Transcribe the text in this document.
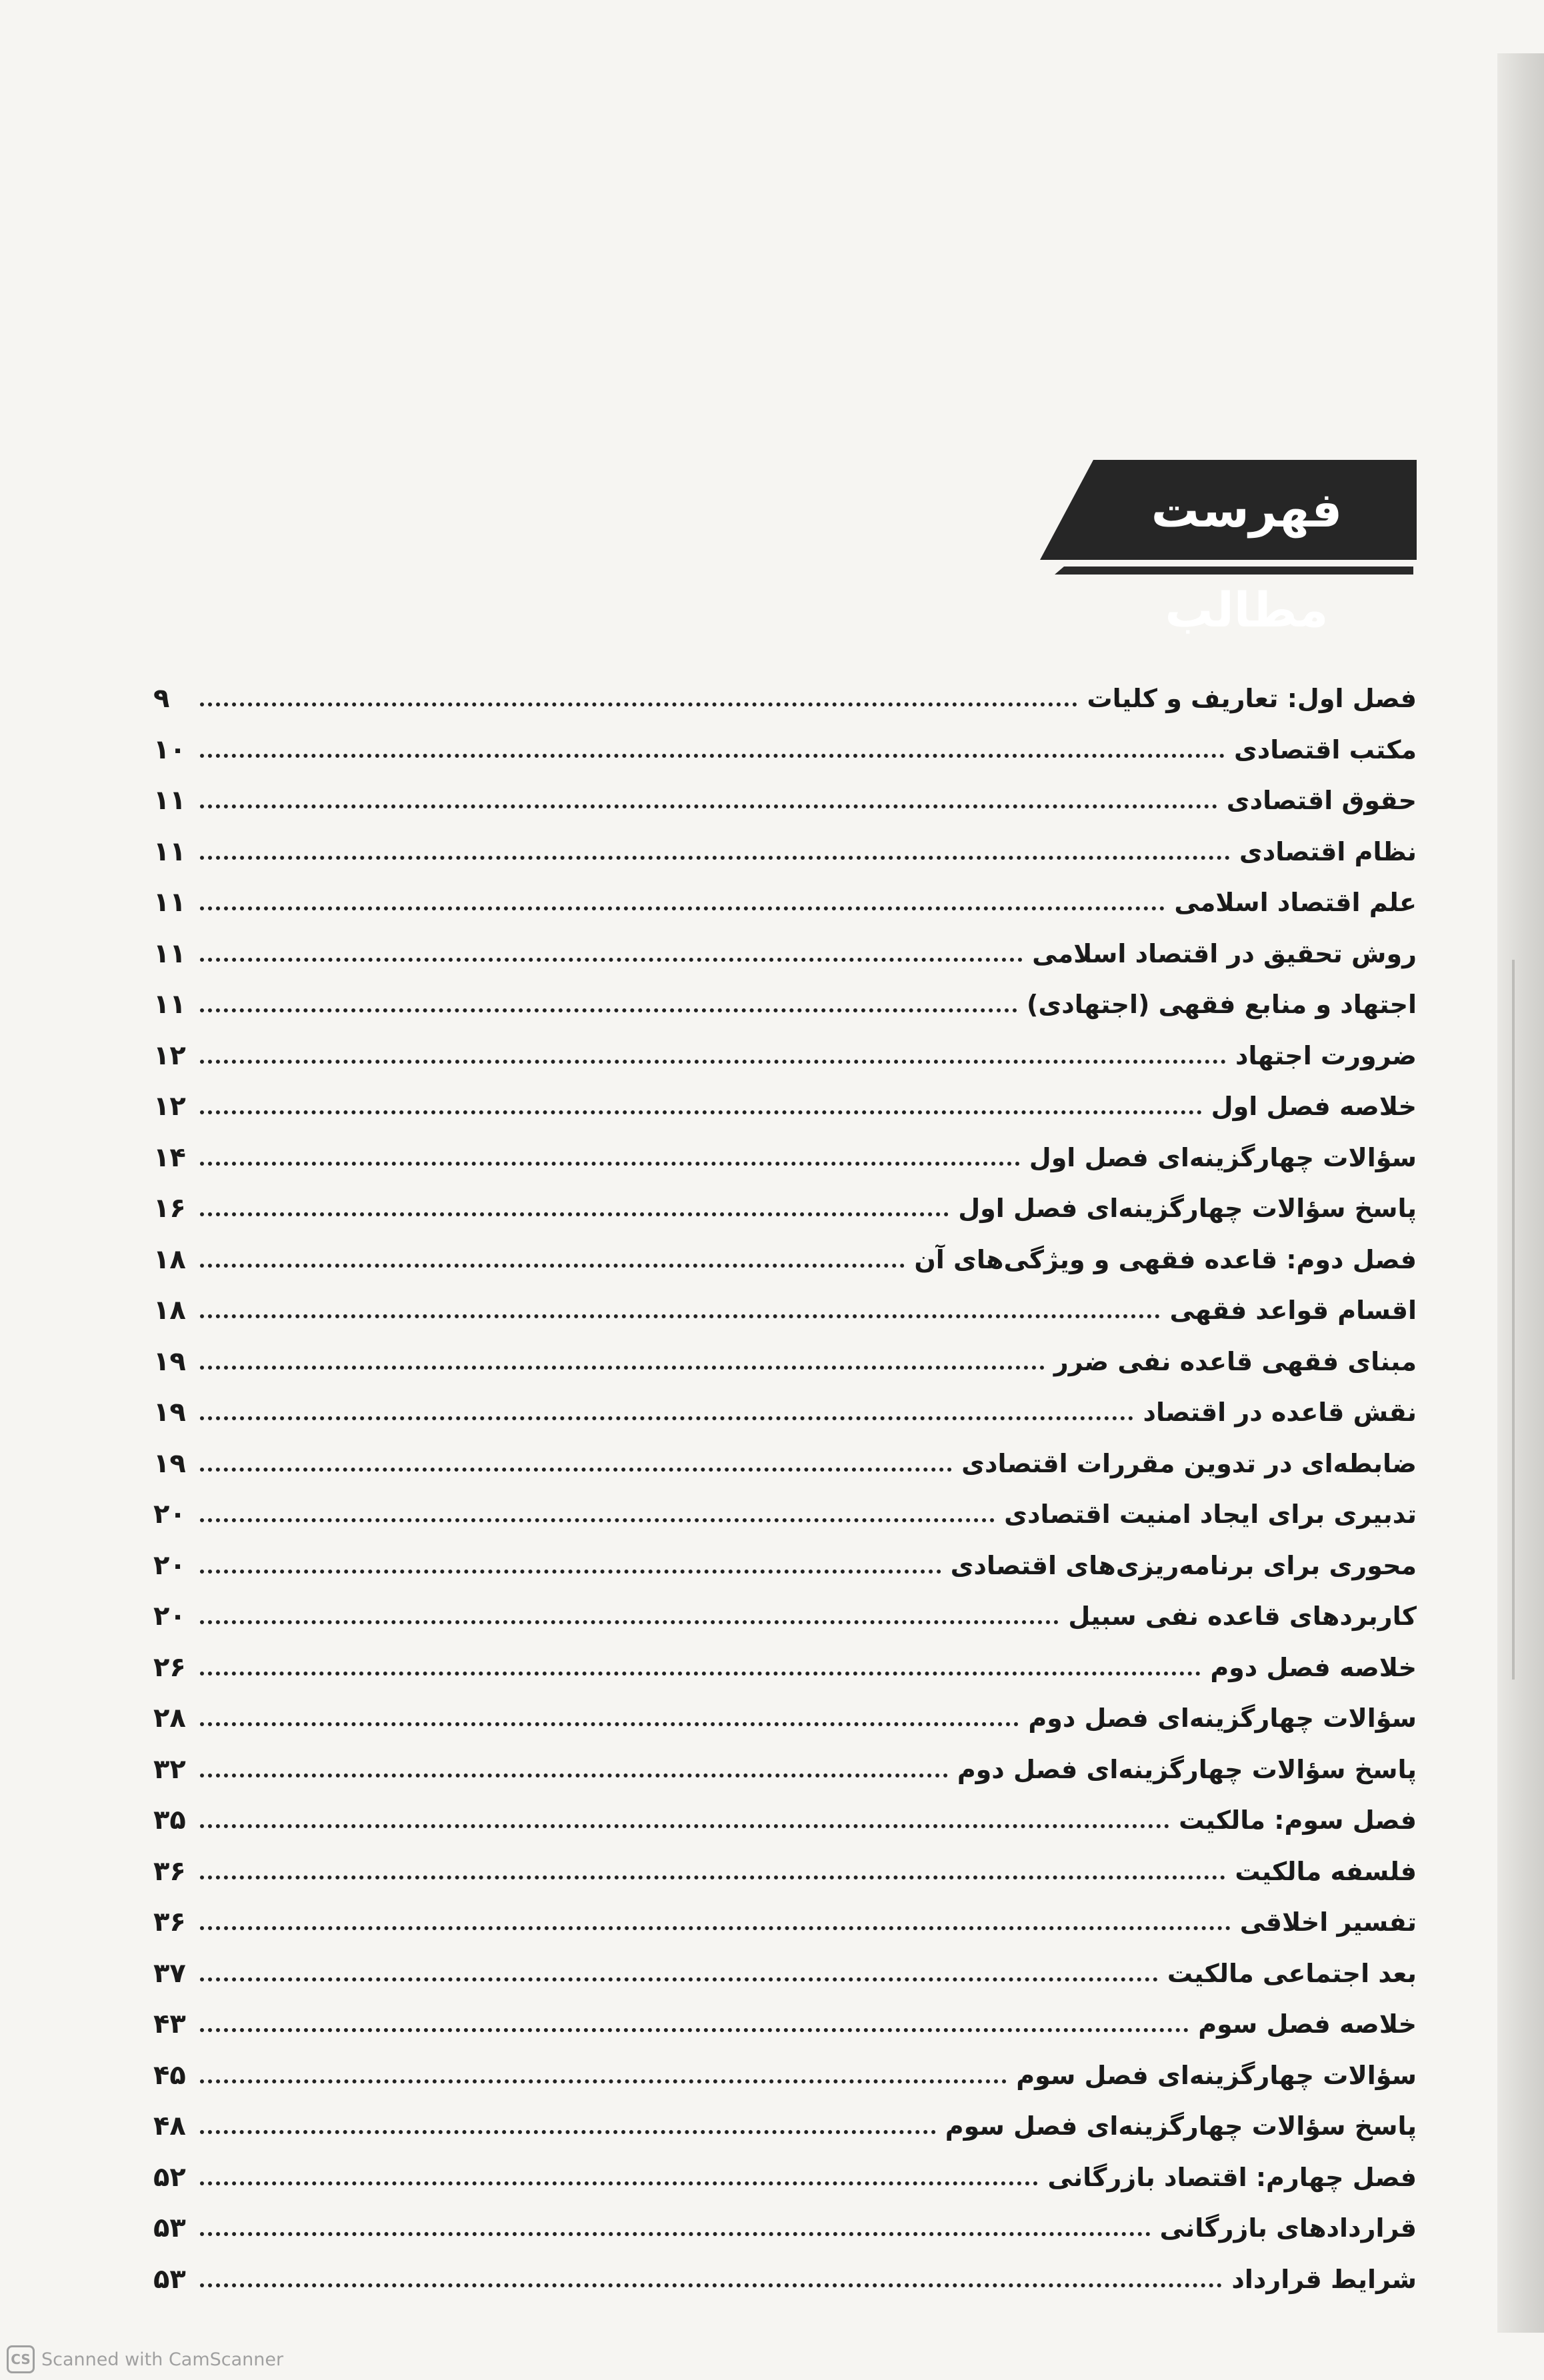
فهرست مطالب
فصل اول: تعاریف و کلیات
۹
مکتب اقتصادی
۱۰
حقوق اقتصادی
۱۱
نظام اقتصادی
۱۱
علم اقتصاد اسلامی
۱۱
روش تحقیق در اقتصاد اسلامی
۱۱
اجتهاد و منابع فقهی (اجتهادی)
۱۱
ضرورت اجتهاد
۱۲
خلاصه فصل اول
۱۲
سؤالات چهارگزینه‌ای فصل اول
۱۴
پاسخ سؤالات چهارگزینه‌ای فصل اول
۱۶
فصل دوم: قاعده فقهی و ویژگی‌های آن
۱۸
اقسام قواعد فقهی
۱۸
مبنای فقهی قاعده نفی ضرر
۱۹
نقش قاعده در اقتصاد
۱۹
ضابطه‌ای در تدوین مقررات اقتصادی
۱۹
تدبیری برای ایجاد امنیت اقتصادی
۲۰
محوری برای برنامه‌ریزی‌های اقتصادی
۲۰
کاربردهای قاعده نفی سبیل
۲۰
خلاصه فصل دوم
۲۶
سؤالات چهارگزینه‌ای فصل دوم
۲۸
پاسخ سؤالات چهارگزینه‌ای فصل دوم
۳۲
فصل سوم: مالکیت
۳۵
فلسفه مالکیت
۳۶
تفسیر اخلاقی
۳۶
بعد اجتماعی مالکیت
۳۷
خلاصه فصل سوم
۴۳
سؤالات چهارگزینه‌ای فصل سوم
۴۵
پاسخ سؤالات چهارگزینه‌ای فصل سوم
۴۸
فصل چهارم: اقتصاد بازرگانی
۵۲
قراردادهای بازرگانی
۵۳
شرایط قرارداد
۵۳
CS Scanned with CamScanner
